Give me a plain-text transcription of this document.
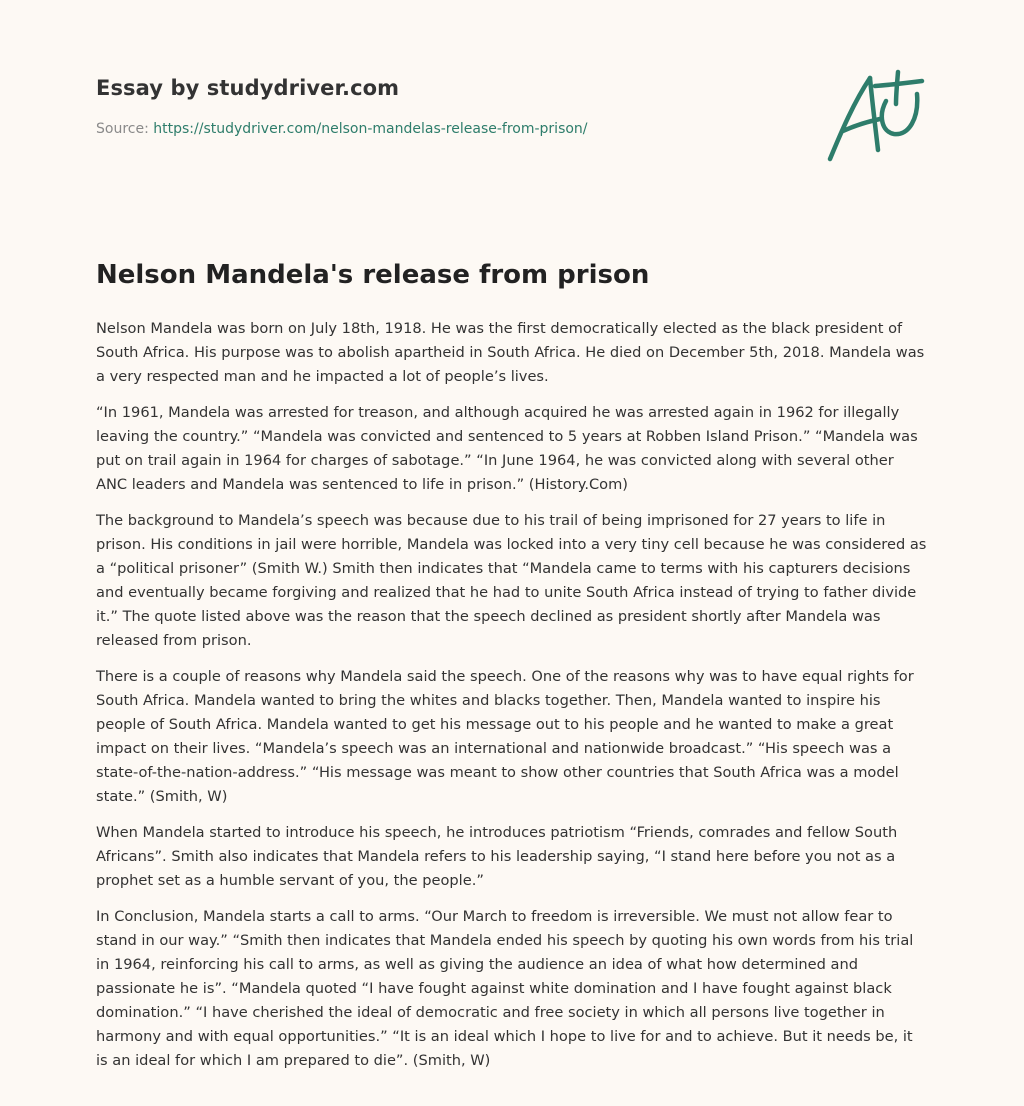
Essay by studydriver.com
Source: https://studydriver.com/nelson-mandelas-release-from-prison/
Nelson Mandela's release from prison

Nelson Mandela was born on July 18th, 1918. He was the first democratically elected as the black president of South Africa. His purpose was to abolish apartheid in South Africa. He died on December 5th, 2018. Mandela was a very respected man and he impacted a lot of people’s lives.

“In 1961, Mandela was arrested for treason, and although acquired he was arrested again in 1962 for illegally leaving the country.” “Mandela was convicted and sentenced to 5 years at Robben Island Prison.” “Mandela was put on trail again in 1964 for charges of sabotage.” “In June 1964, he was convicted along with several other ANC leaders and Mandela was sentenced to life in prison.” (History.Com)

The background to Mandela’s speech was because due to his trail of being imprisoned for 27 years to life in prison. His conditions in jail were horrible, Mandela was locked into a very tiny cell because he was considered as a “political prisoner” (Smith W.) Smith then indicates that “Mandela came to terms with his capturers decisions and eventually became forgiving and realized that he had to unite South Africa instead of trying to father divide it.” The quote listed above was the reason that the speech declined as president shortly after Mandela was released from prison.

There is a couple of reasons why Mandela said the speech. One of the reasons why was to have equal rights for South Africa. Mandela wanted to bring the whites and blacks together. Then, Mandela wanted to inspire his people of South Africa. Mandela wanted to get his message out to his people and he wanted to make a great impact on their lives. “Mandela’s speech was an international and nationwide broadcast.” “His speech was a state-of-the-nation-address.” “His message was meant to show other countries that South Africa was a model state.” (Smith, W)

When Mandela started to introduce his speech, he introduces patriotism “Friends, comrades and fellow South Africans”. Smith also indicates that Mandela refers to his leadership saying, “I stand here before you not as a prophet set as a humble servant of you, the people.”

In Conclusion, Mandela starts a call to arms. “Our March to freedom is irreversible. We must not allow fear to stand in our way.” “Smith then indicates that Mandela ended his speech by quoting his own words from his trial in 1964, reinforcing his call to arms, as well as giving the audience an idea of what how determined and passionate he is”. “Mandela quoted “I have fought against white domination and I have fought against black domination.” “I have cherished the ideal of democratic and free society in which all persons live together in harmony and with equal opportunities.” “It is an ideal which I hope to live for and to achieve. But it needs be, it is an ideal for which I am prepared to die”. (Smith, W)
